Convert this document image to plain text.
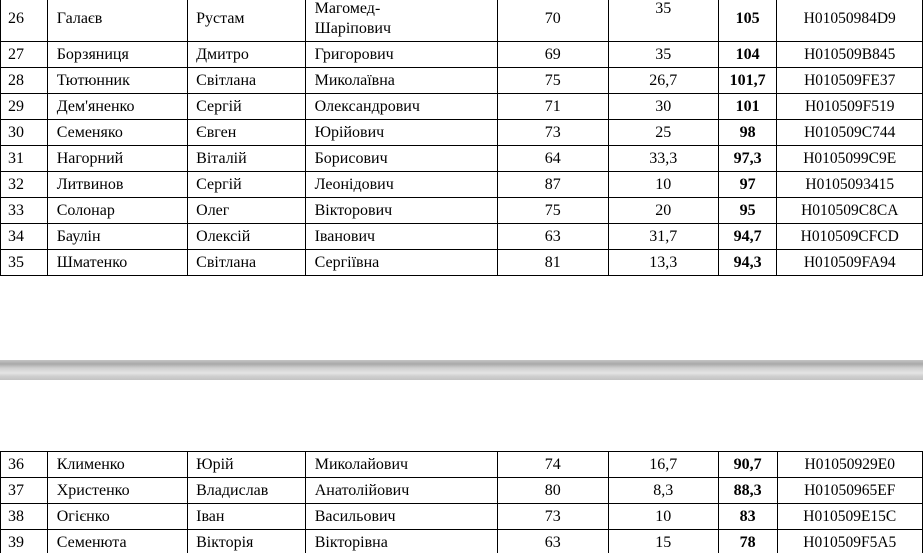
26	Галаєв	Рустам	Магомед-
Шаріпович	70	35	105	H01050984D9
27	Борзяниця	Дмитро	Григорович	69	35	104	H010509B845
28	Тютюнник	Світлана	Миколаївна	75	26,7	101,7	H010509FE37
29	Дем'яненко	Сергій	Олександрович	71	30	101	H010509F519
30	Семеняко	Євген	Юрійович	73	25	98	H010509C744
31	Нагорний	Віталій	Борисович	64	33,3	97,3	H0105099C9E
32	Литвинов	Сергій	Леонідович	87	10	97	H0105093415
33	Солонар	Олег	Вікторович	75	20	95	H010509C8CA
34	Баулін	Олексій	Іванович	63	31,7	94,7	H010509CFCD
35	Шматенко	Світлана	Сергіївна	81	13,3	94,3	H010509FA94
36	Клименко	Юрій	Миколайович	74	16,7	90,7	H01050929E0
37	Христенко	Владислав	Анатолійович	80	8,3	88,3	H01050965EF
38	Огієнко	Іван	Васильович	73	10	83	H010509E15C
39	Семенюта	Вікторія	Вікторівна	63	15	78	H010509F5A5
